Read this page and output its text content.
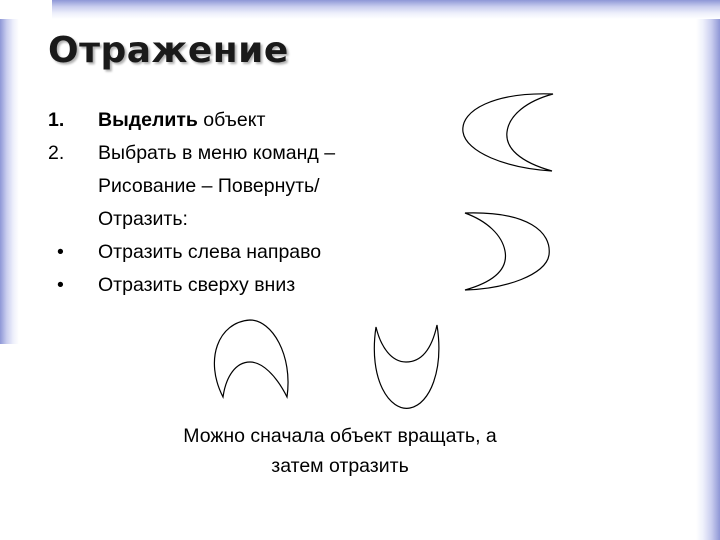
Отражение
1. Выделить объект
2. Выбрать в меню команд –
Рисование – Повернуть/
Отразить:
• Отразить слева направо
• Отразить сверху вниз
Можно сначала объект вращать, а
затем отразить
